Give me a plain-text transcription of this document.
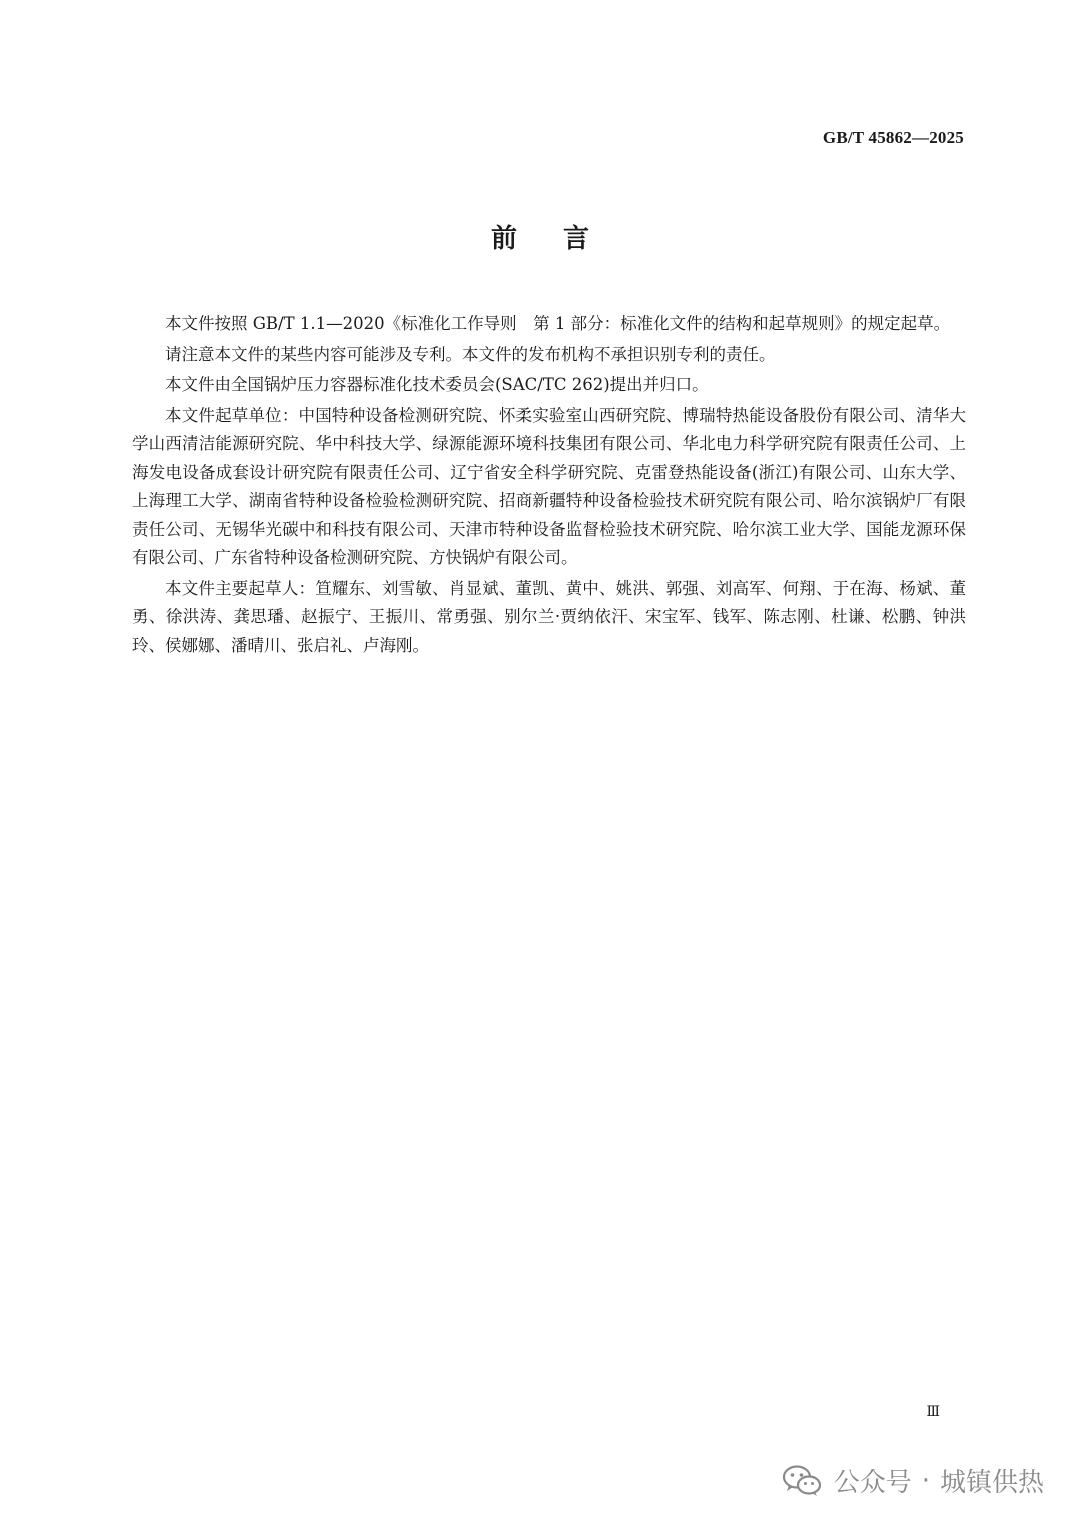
GB/T 45862—2025
前言

本文件按照 GB/T 1.1—2020《标准化工作导则　第 1 部分：标准化文件的结构和起草规则》的规定起草。

请注意本文件的某些内容可能涉及专利。本文件的发布机构不承担识别专利的责任。

本文件由全国锅炉压力容器标准化技术委员会(SAC/TC 262)提出并归口。

本文件起草单位：中国特种设备检测研究院、怀柔实验室山西研究院、博瑞特热能设备股份有限公司、清华大学山西清洁能源研究院、华中科技大学、绿源能源环境科技集团有限公司、华北电力科学研究院有限责任公司、上海发电设备成套设计研究院有限责任公司、辽宁省安全科学研究院、克雷登热能设备(浙江)有限公司、山东大学、上海理工大学、湖南省特种设备检验检测研究院、招商新疆特种设备检验技术研究院有限公司、哈尔滨锅炉厂有限责任公司、无锡华光碳中和科技有限公司、天津市特种设备监督检验技术研究院、哈尔滨工业大学、国能龙源环保有限公司、广东省特种设备检测研究院、方快锅炉有限公司。

本文件主要起草人：笪耀东、刘雪敏、肖显斌、董凯、黄中、姚洪、郭强、刘高军、何翔、于在海、杨斌、董勇、徐洪涛、龚思璠、赵振宁、王振川、常勇强、别尔兰·贾纳依汗、宋宝军、钱军、陈志刚、杜谦、松鹏、钟洪玲、侯娜娜、潘晴川、张启礼、卢海刚。

Ⅲ
公众号 · 城镇供热
